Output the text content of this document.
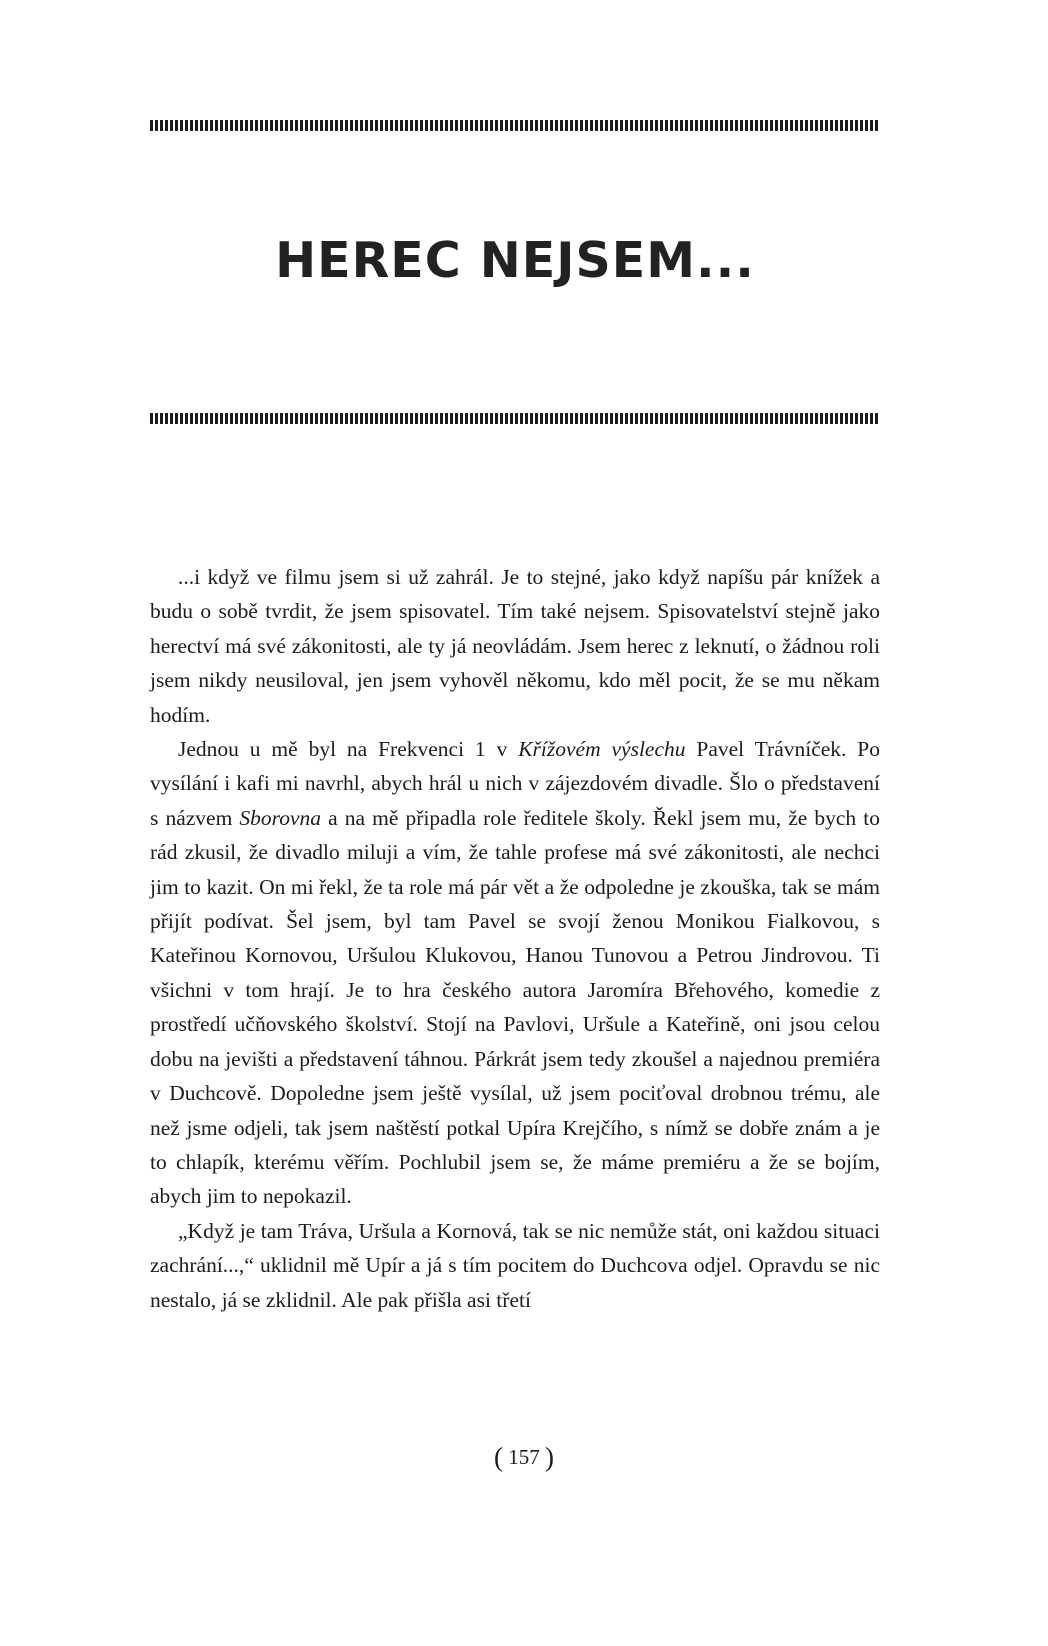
HEREC NEJSEM...

...i když ve filmu jsem si už zahrál. Je to stejné, jako když napíšu pár knížek a budu o sobě tvrdit, že jsem spisovatel. Tím také nejsem. Spisovatelství stejně jako herectví má své zákonitosti, ale ty já neovládám. Jsem herec z leknutí, o žádnou roli jsem nikdy neusiloval, jen jsem vyhověl někomu, kdo měl pocit, že se mu někam hodím.

Jednou u mě byl na Frekvenci 1 v Křížovém výslechu Pavel Trávníček. Po vysílání i kafi mi navrhl, abych hrál u nich v zájezdovém divadle. Šlo o představení s názvem Sborovna a na mě připadla role ředitele školy. Řekl jsem mu, že bych to rád zkusil, že divadlo miluji a vím, že tahle profese má své zákonitosti, ale nechci jim to kazit. On mi řekl, že ta role má pár vět a že odpoledne je zkouška, tak se mám přijít podívat. Šel jsem, byl tam Pavel se svojí ženou Monikou Fialkovou, s Kateřinou Kornovou, Uršulou Klukovou, Hanou Tunovou a Petrou Jindrovou. Ti všichni v tom hrají. Je to hra českého autora Jaromíra Břehového, komedie z prostředí učňovského školství. Stojí na Pavlovi, Uršule a Kateřině, oni jsou celou dobu na jevišti a představení táhnou. Párkrát jsem tedy zkoušel a najednou premiéra v Duchcově. Dopoledne jsem ještě vysílal, už jsem pociťoval drobnou trému, ale než jsme odjeli, tak jsem naštěstí potkal Upíra Krejčího, s nímž se dobře znám a je to chlapík, kterému věřím. Pochlubil jsem se, že máme premiéru a že se bojím, abych jim to nepokazil.

„Když je tam Tráva, Uršula a Kornová, tak se nic nemůže stát, oni každou situaci zachrání...,“ uklidnil mě Upír a já s tím pocitem do Duchcova odjel. Opravdu se nic nestalo, já se zklidnil. Ale pak přišla asi třetí

( 157 )
